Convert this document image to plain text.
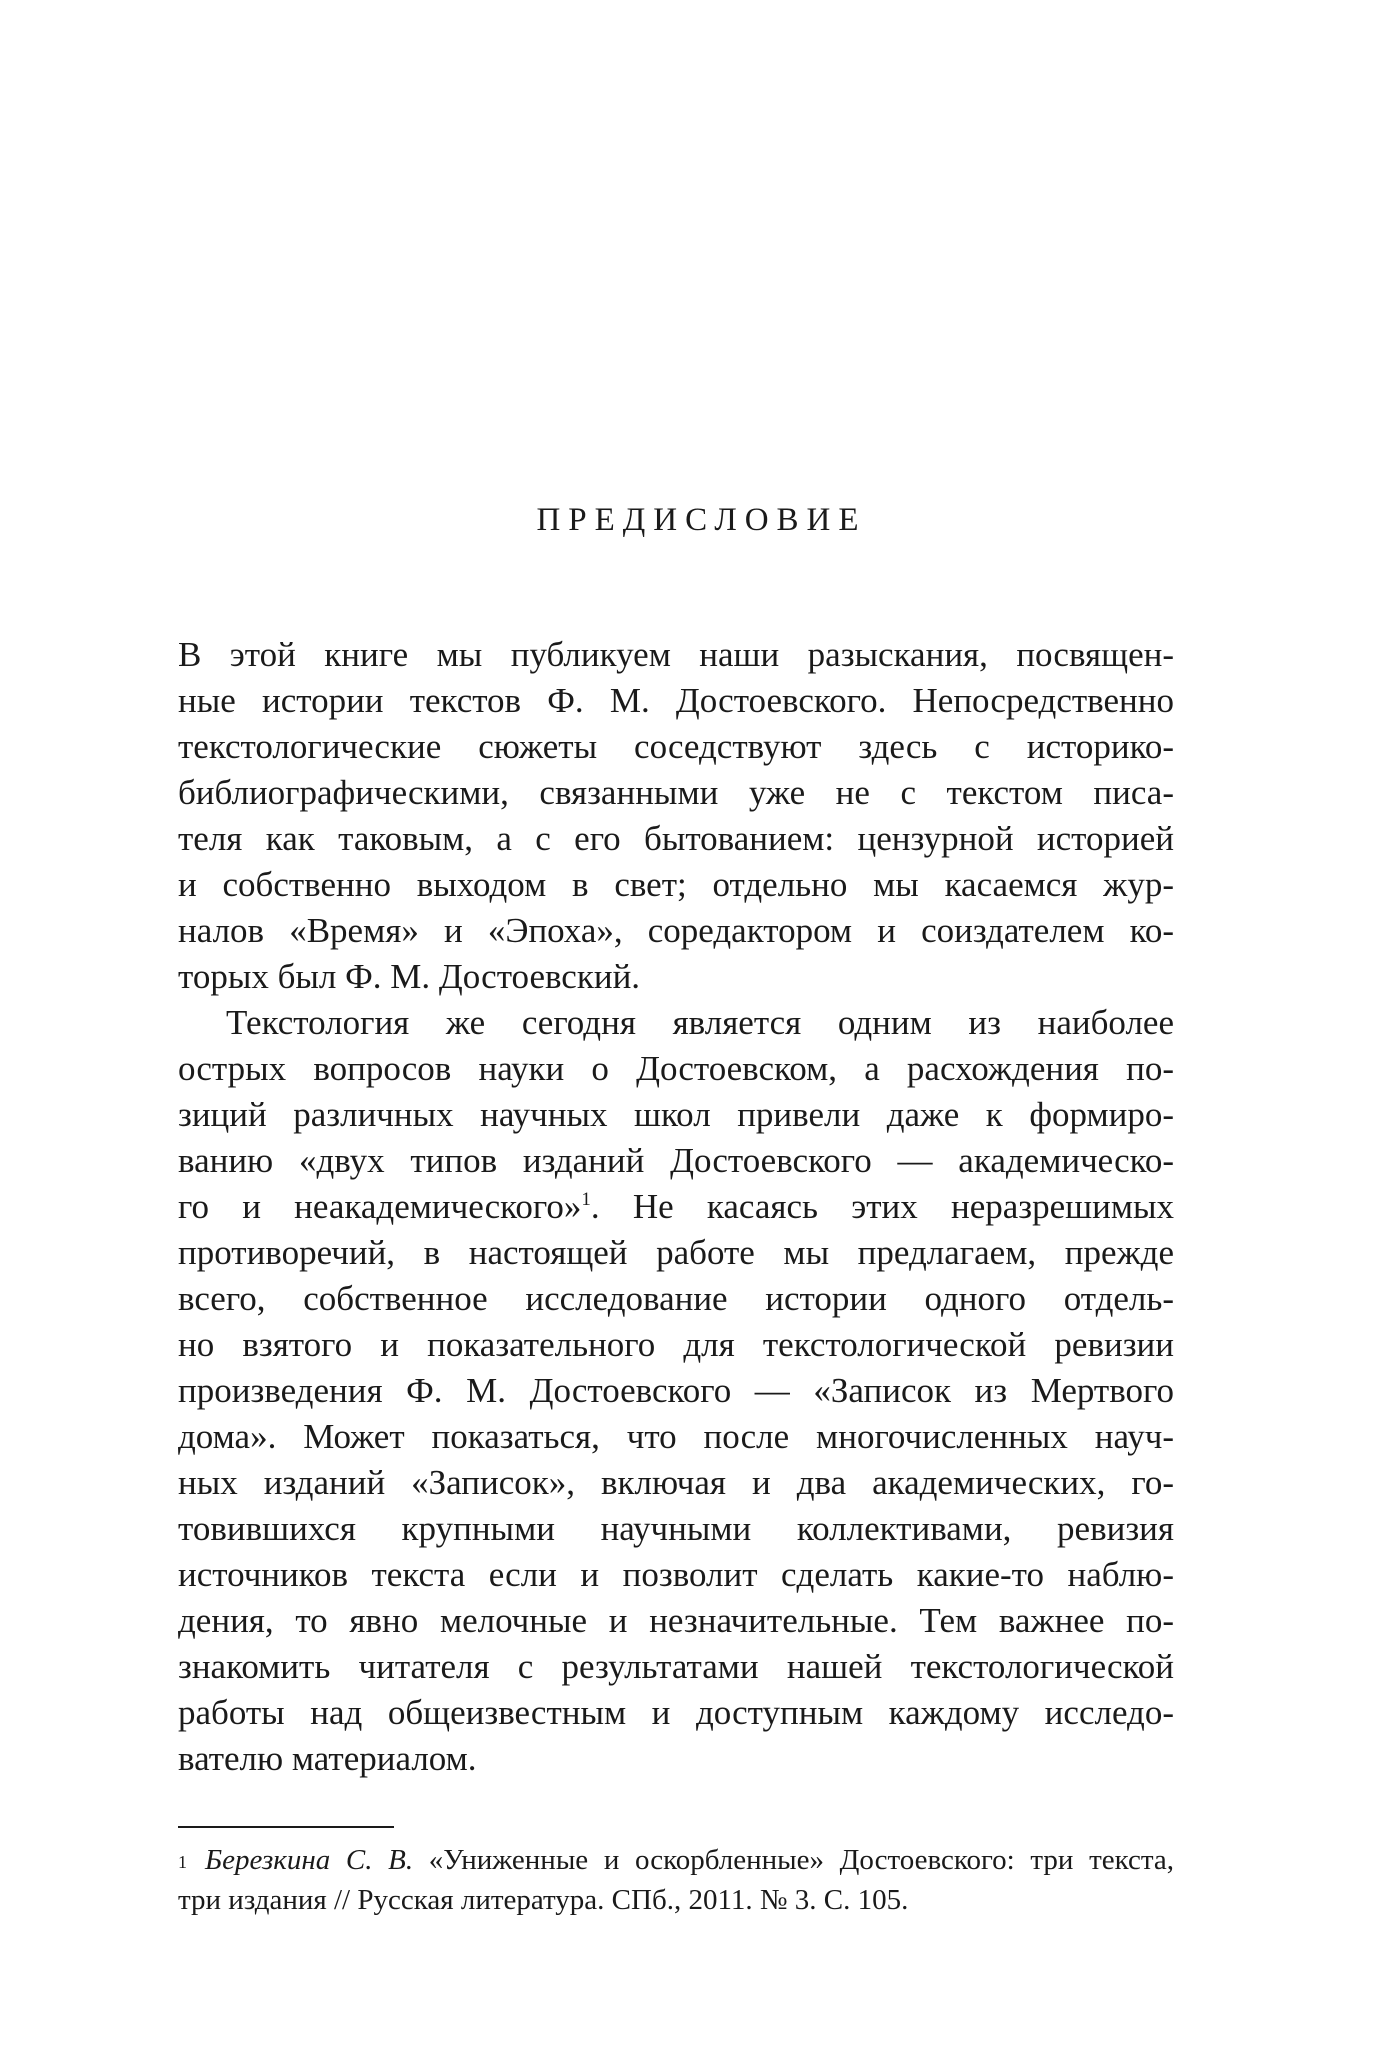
ПРЕДИСЛОВИЕ
В этой книге мы публикуем наши разыскания, посвящен-
ные истории текстов Ф. М. Достоевского. Непосредственно
текстологические сюжеты соседствуют здесь с историко-
библиографическими, связанными уже не с текстом писа-
теля как таковым, а с его бытованием: цензурной историей
и собственно выходом в свет; отдельно мы касаемся жур-
налов «Время» и «Эпоха», соредактором и соиздателем ко-
торых был Ф. М. Достоевский.
Текстология же сегодня является одним из наиболее
острых вопросов науки о Достоевском, а расхождения по-
зиций различных научных школ привели даже к формиро-
ванию «двух типов изданий Достоевского — академическо-
го и неакадемического»$^1$. Не касаясь этих неразрешимых
противоречий, в настоящей работе мы предлагаем, прежде
всего, собственное исследование истории одного отдель-
но взятого и показательного для текстологической ревизии
произведения Ф. М. Достоевского — «Записок из Мертвого
дома». Может показаться, что после многочисленных науч-
ных изданий «Записок», включая и два академических, го-
товившихся крупными научными коллективами, ревизия
источников текста если и позволит сделать какие-то наблю-
дения, то явно мелочные и незначительные. Тем важнее по-
знакомить читателя с результатами нашей текстологической
работы над общеизвестным и доступным каждому исследо-
вателю материалом.
$^1$ Березкина С. В. «Униженные и оскорбленные» Достоевского: три текста,
три издания // Русская литература. СПб., 2011. № 3. С. 105.
